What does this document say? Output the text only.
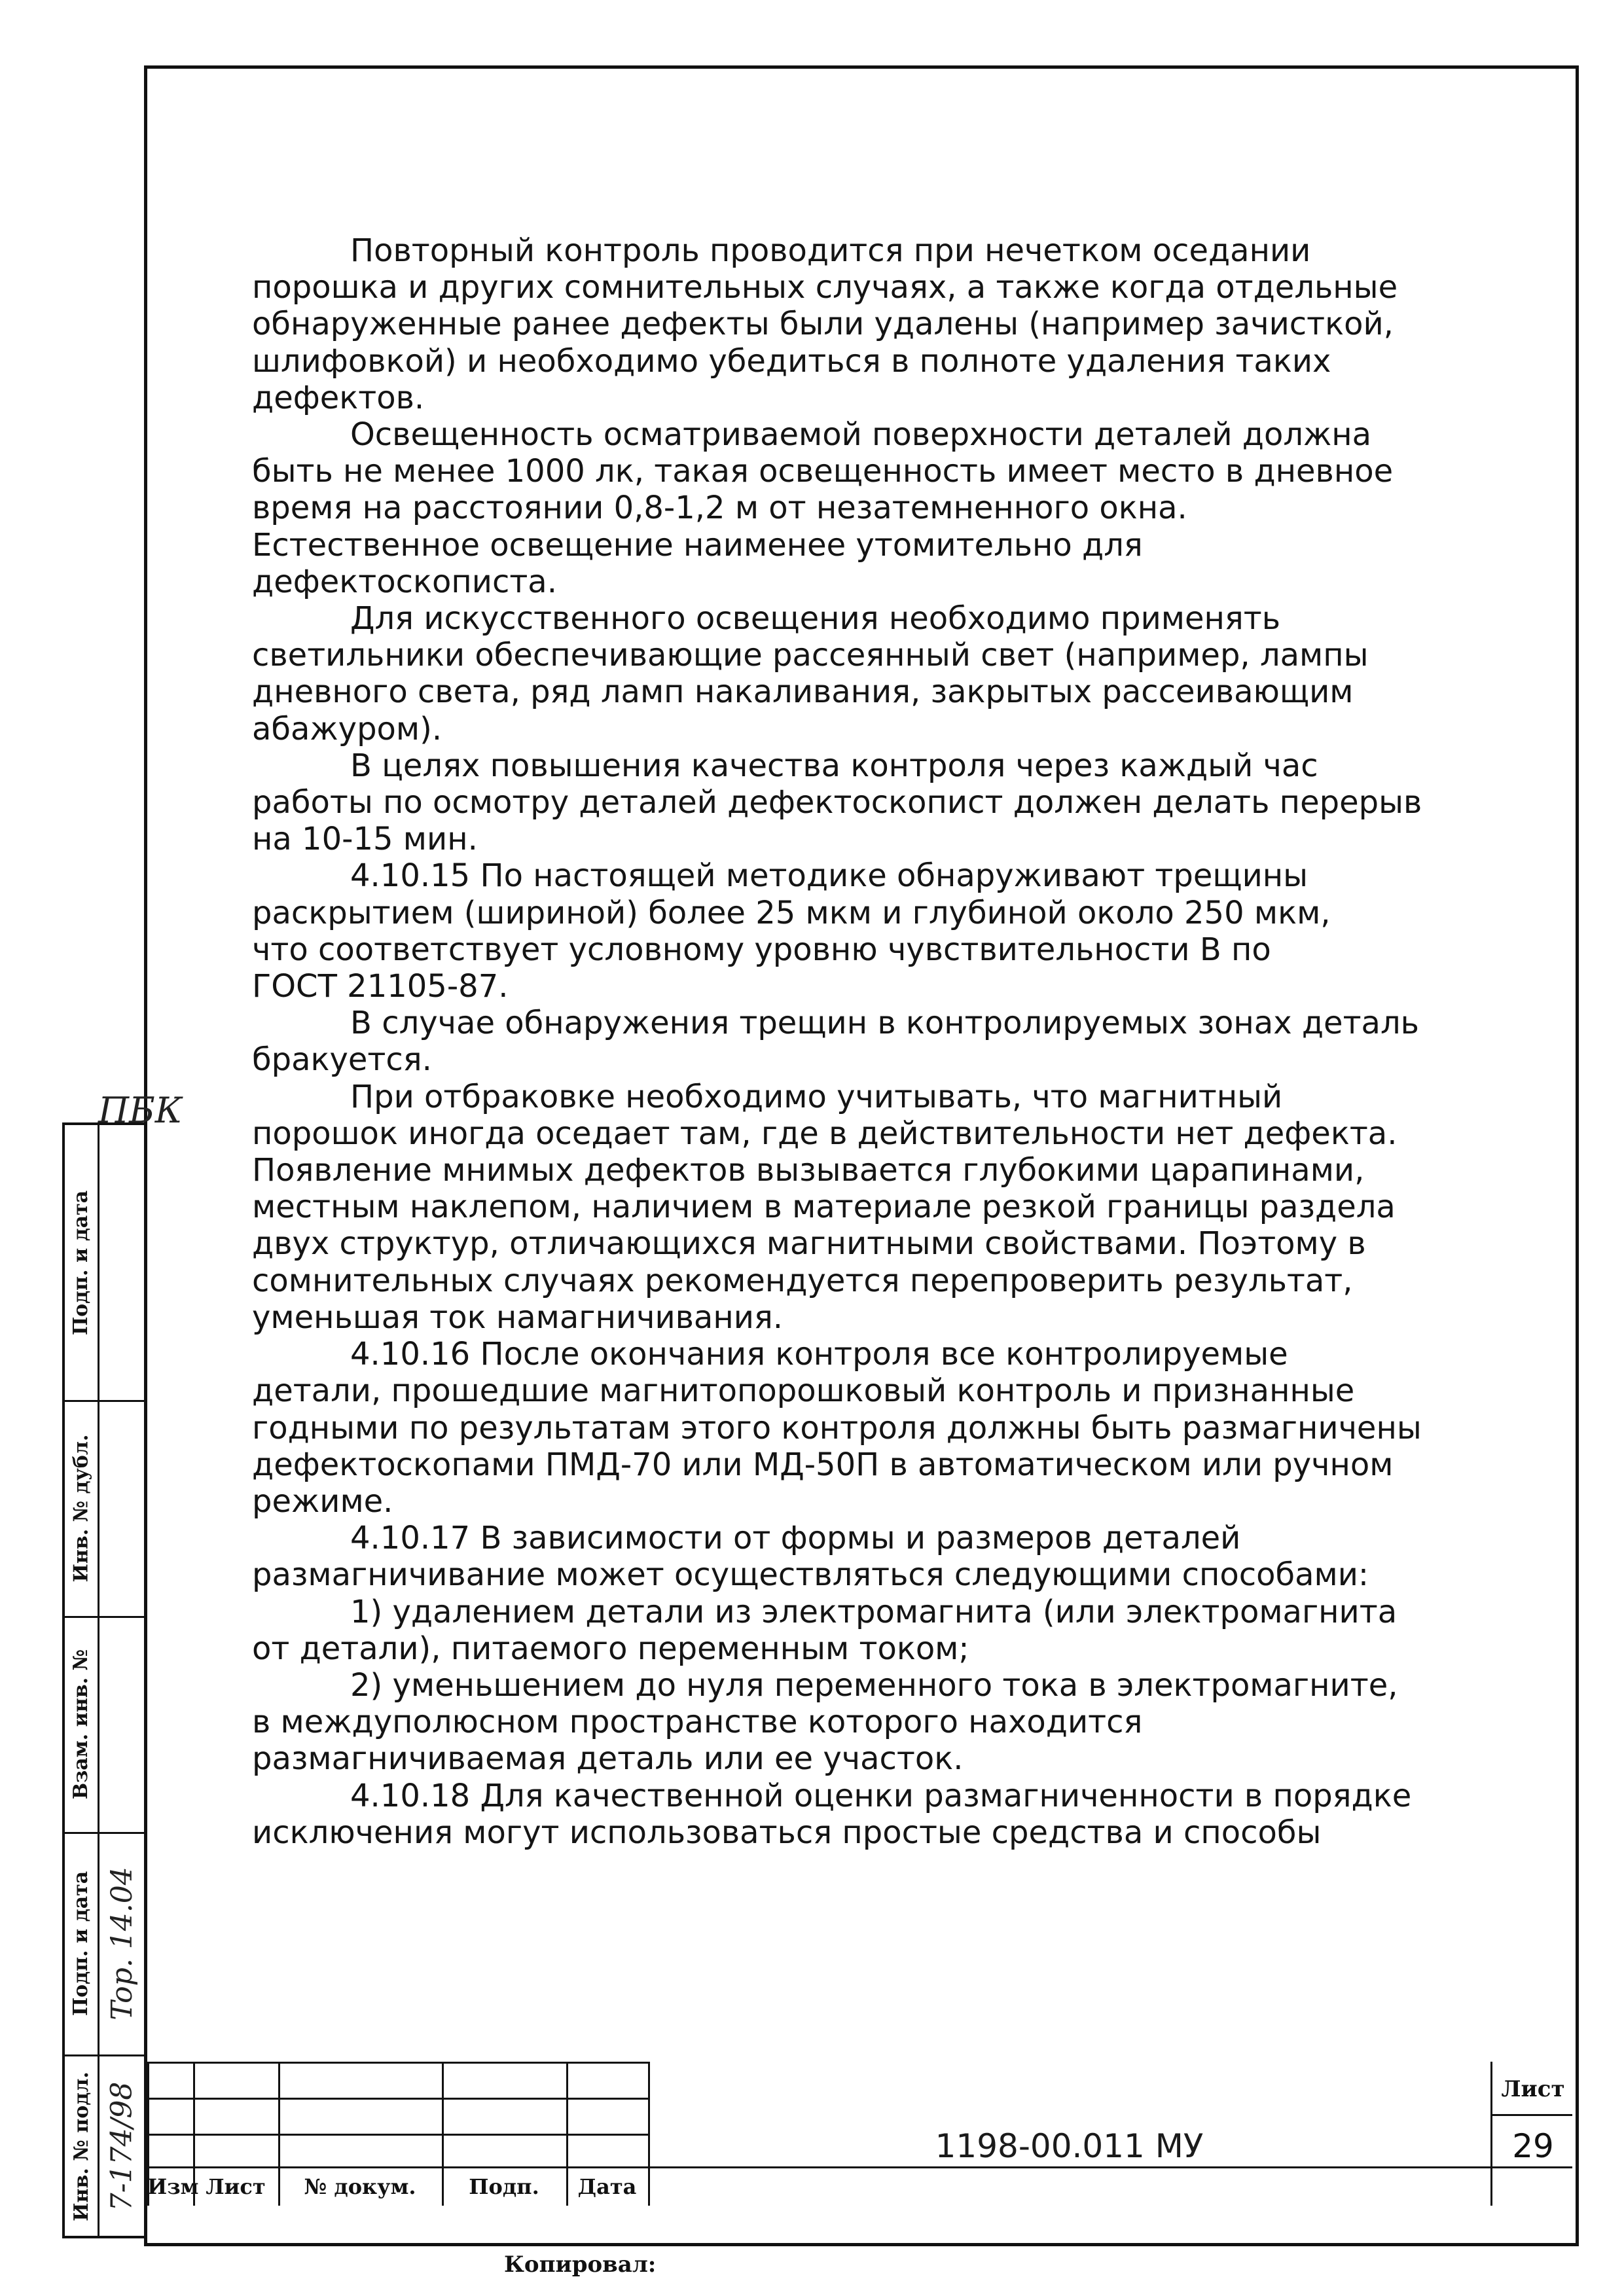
Повторный контроль проводится при нечетком оседании
порошка и других сомнительных случаях, а также когда отдельные
обнаруженные ранее дефекты были удалены (например зачисткой,
шлифовкой) и необходимо убедиться в полноте удаления таких
дефектов.

Освещенность осматриваемой поверхности деталей должна
быть не менее 1000 лк, такая освещенность имеет место в дневное
время на расстоянии 0,8-1,2 м от незатемненного окна.
Естественное освещение наименее утомительно для
дефектоскописта.

Для искусственного освещения необходимо применять
светильники обеспечивающие рассеянный свет (например, лампы
дневного света, ряд ламп накаливания, закрытых рассеивающим
абажуром).

В целях повышения качества контроля через каждый час
работы по осмотру деталей дефектоскопист должен делать перерыв
на 10-15 мин.

4.10.15 По настоящей методике обнаруживают трещины
раскрытием (шириной) более 25 мкм и глубиной около 250 мкм,
что соответствует условному уровню чувствительности В по
ГОСТ 21105-87.

В случае обнаружения трещин в контролируемых зонах деталь
бракуется.

При отбраковке необходимо учитывать, что магнитный
порошок иногда оседает там, где в действительности нет дефекта.
Появление мнимых дефектов вызывается глубокими царапинами,
местным наклепом, наличием в материале резкой границы раздела
двух структур, отличающихся магнитными свойствами. Поэтому в
сомнительных случаях рекомендуется перепроверить результат,
уменьшая ток намагничивания.

4.10.16 После окончания контроля все контролируемые
детали, прошедшие магнитопорошковый контроль и признанные
годными по результатам этого контроля должны быть размагничены
дефектоскопами ПМД-70 или МД-50П в автоматическом или ручном
режиме.

4.10.17 В зависимости от формы и размеров деталей
размагничивание может осуществляться следующими способами:

1) удалением детали из электромагнита (или электромагнита
от детали), питаемого переменным током;

2) уменьшением до нуля переменного тока в электромагните,
в междуполюсном пространстве которого находится
размагничиваемая деталь или ее участок.

4.10.18 Для качественной оценки размагниченности в порядке
исключения могут использоваться простые средства и способы

ПБК
Подп. и дата
Инв. № дубл.
Взам. инв. №
Подп. и дата Top. 14.04
Инв. № подл. 7-174/98 Изм Лист	№ докум.	Подп.	Дата
1198-00.011 МУ
Лист
29
Копировал:
